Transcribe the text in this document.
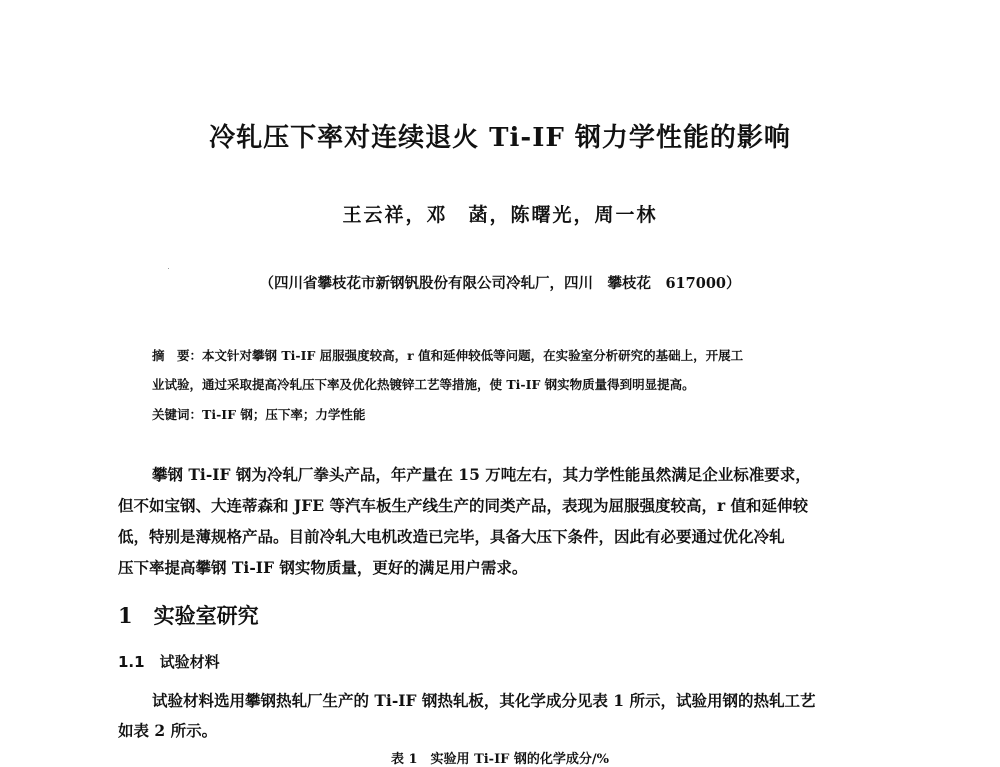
冷轧压下率对连续退火 Ti-IF 钢力学性能的影响
王云祥，邓　菡，陈曙光，周一林
（四川省攀枝花市新钢钒股份有限公司冷轧厂，四川　攀枝花　617000）
摘　要：本文针对攀钢 Ti-IF 屈服强度较高，r 值和延伸较低等问题，在实验室分析研究的基础上，开展工
业试验，通过采取提高冷轧压下率及优化热镀锌工艺等措施，使 Ti-IF 钢实物质量得到明显提高。
关键词：Ti-IF 钢；压下率；力学性能
攀钢 Ti-IF 钢为冷轧厂拳头产品，年产量在 15 万吨左右，其力学性能虽然满足企业标准要求，
但不如宝钢、大连蒂森和 JFE 等汽车板生产线生产的同类产品，表现为屈服强度较高，r 值和延伸较
低，特别是薄规格产品。目前冷轧大电机改造已完毕，具备大压下条件，因此有必要通过优化冷轧
压下率提高攀钢 Ti-IF 钢实物质量，更好的满足用户需求。
1　实验室研究
1.1　试验材料
试验材料选用攀钢热轧厂生产的 Ti-IF 钢热轧板，其化学成分见表 1 所示，试验用钢的热轧工艺
如表 2 所示。
表 1　实验用 Ti-IF 钢的化学成分/%
